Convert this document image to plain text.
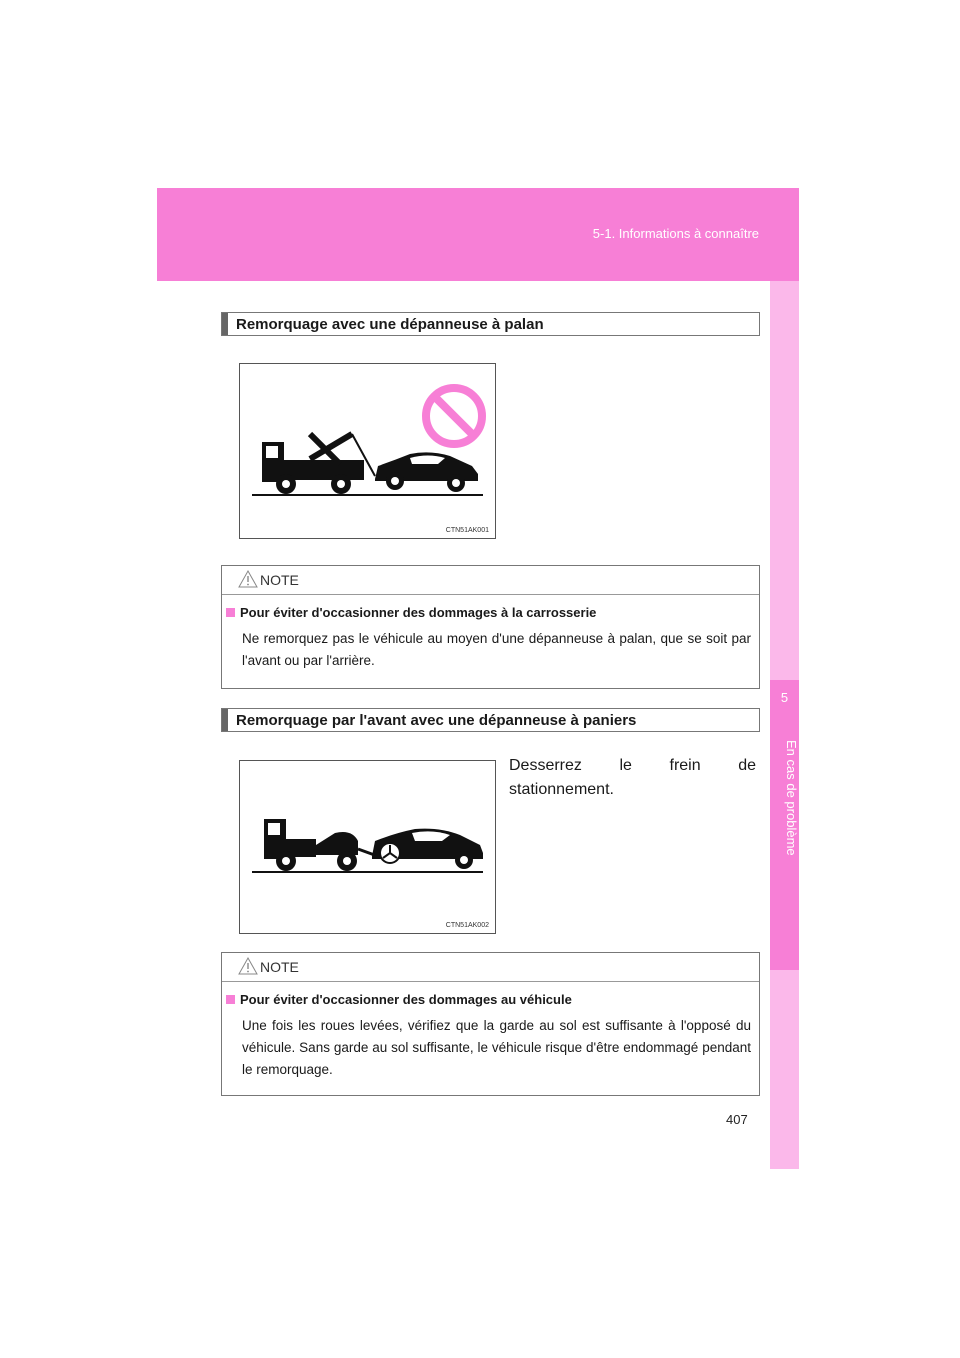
5-1. Informations à connaître
5
En cas de problème
Remorquage avec une dépanneuse à palan
CTN51AK001
NOTE
Pour éviter d'occasionner des dommages à la carrosserie
Ne remorquez pas le véhicule au moyen d'une dépanneuse à palan, que se soit par l'avant ou par l'arrière.
Remorquage par l'avant avec une dépanneuse à paniers
Desserrez le frein de stationnement.
CTN51AK002
NOTE
Pour éviter d'occasionner des dommages au véhicule
Une fois les roues levées, vérifiez que la garde au sol est suffisante à l'opposé du véhicule. Sans garde au sol suffisante, le véhicule risque d'être endommagé pendant le remorquage.
407
